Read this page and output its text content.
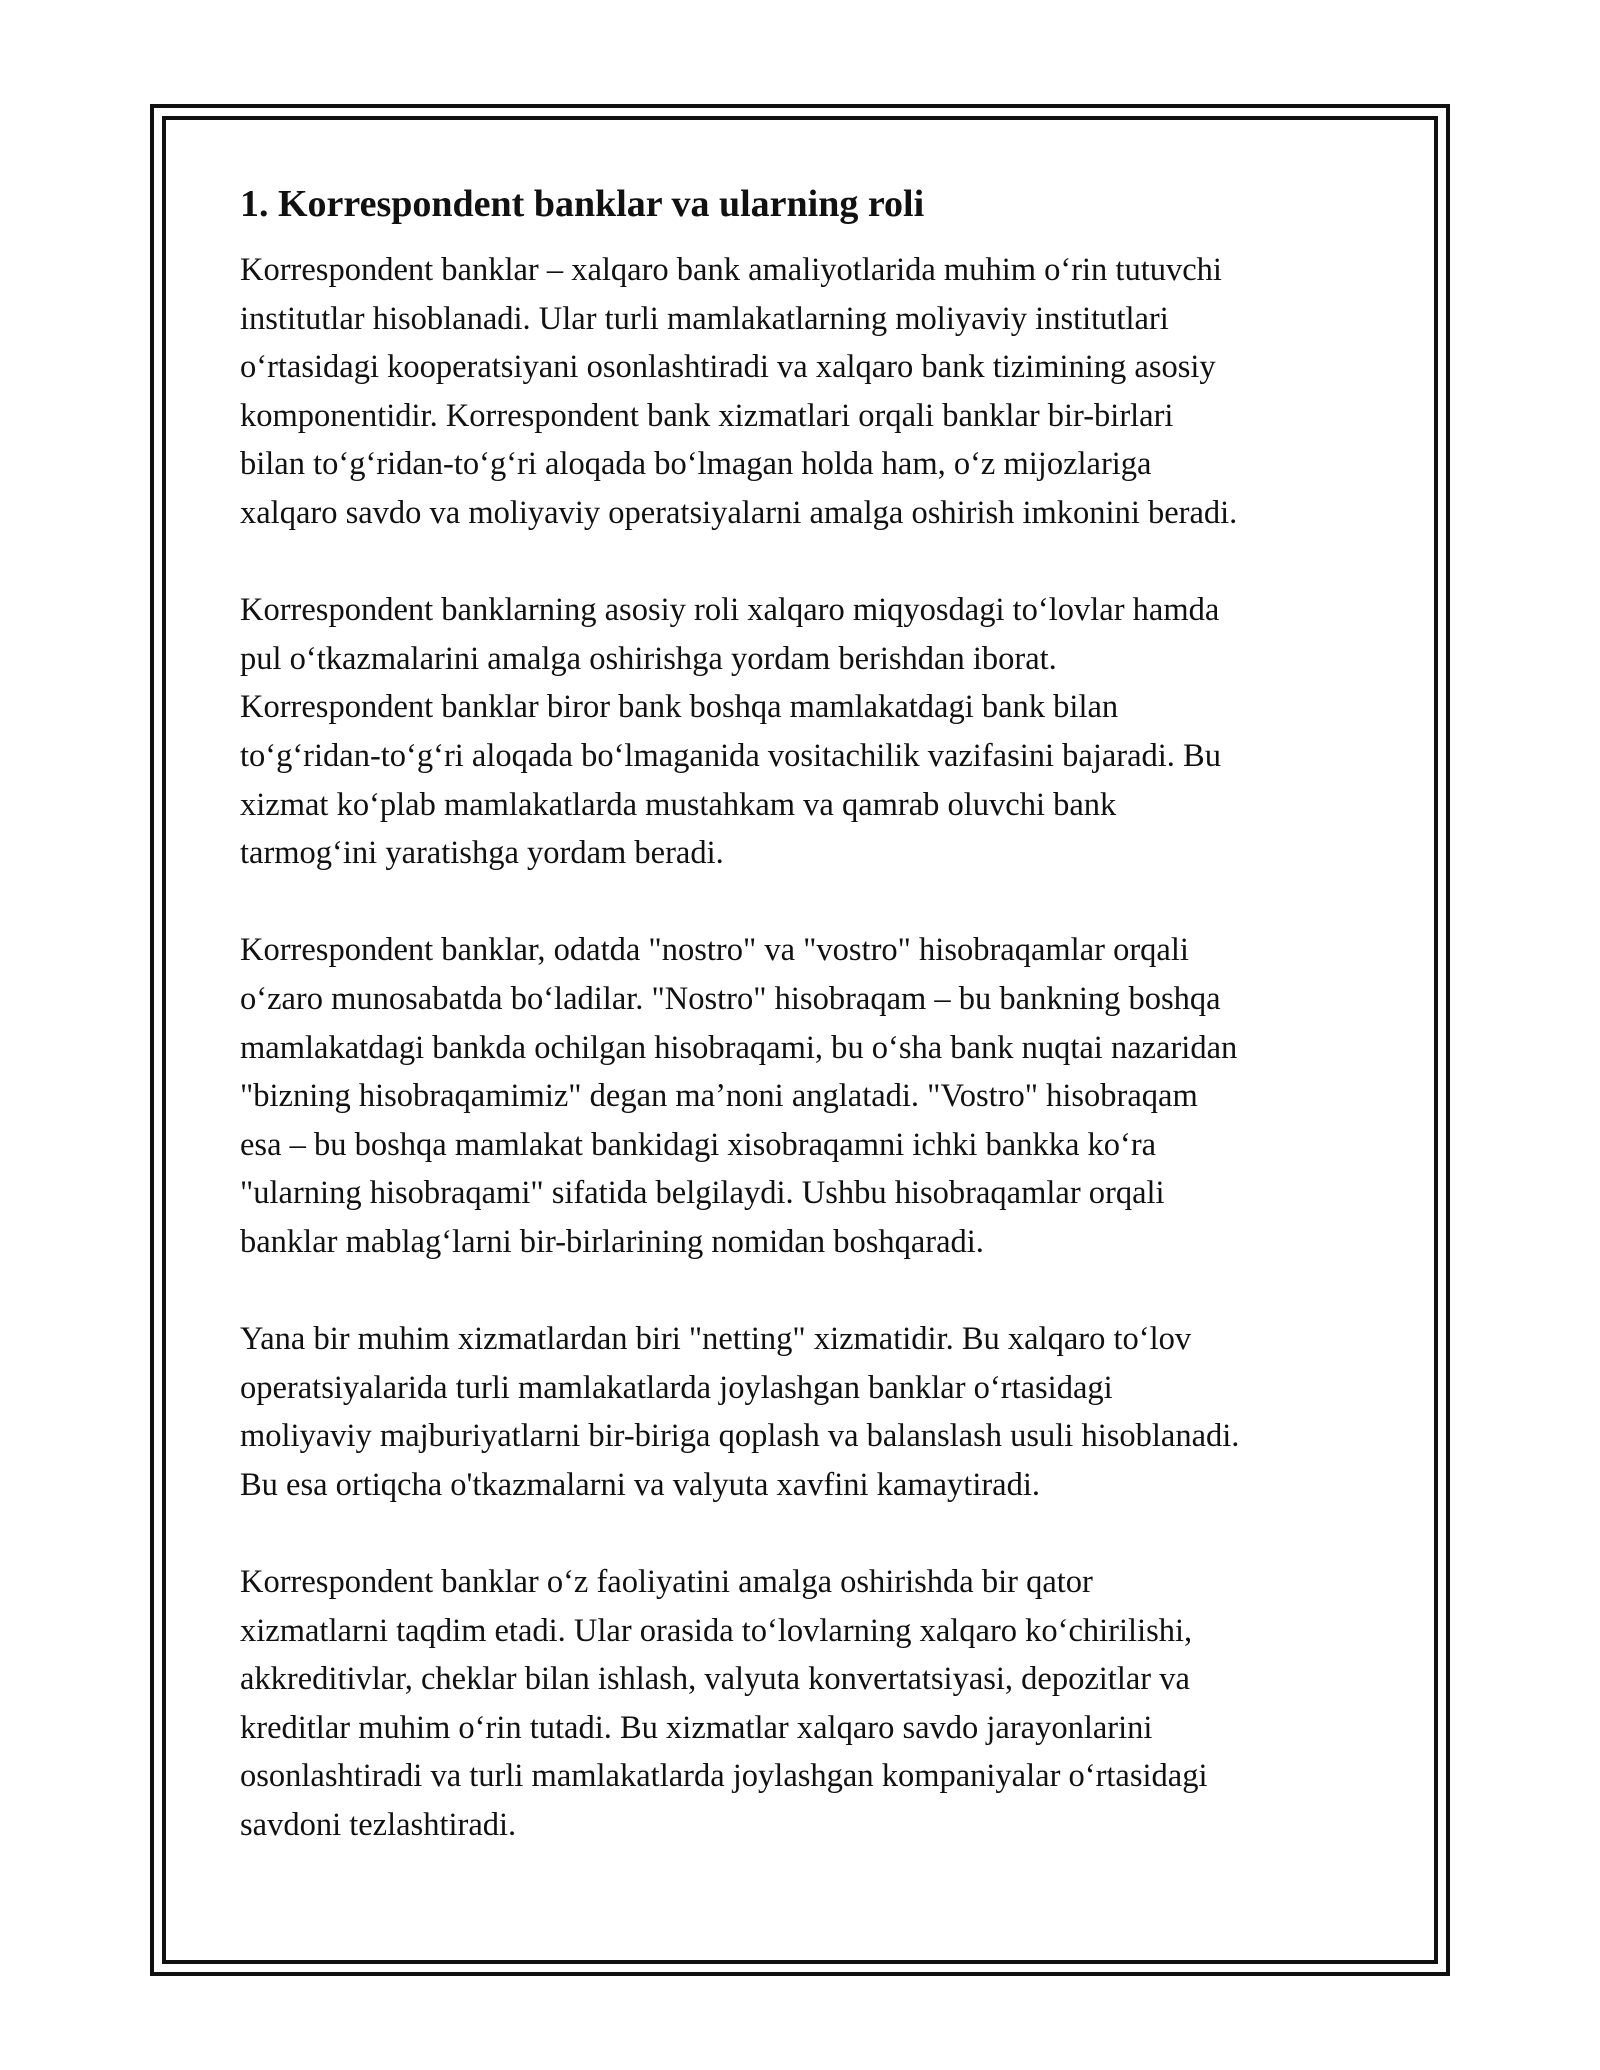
1. Korrespondent banklar va ularning roli

Korrespondent banklar – xalqaro bank amaliyotlarida muhim oʻrin tutuvchi
institutlar hisoblanadi. Ular turli mamlakatlarning moliyaviy institutlari
oʻrtasidagi kooperatsiyani osonlashtiradi va xalqaro bank tizimining asosiy
komponentidir. Korrespondent bank xizmatlari orqali banklar bir-birlari
bilan toʻgʻridan-toʻgʻri aloqada boʻlmagan holda ham, oʻz mijozlariga
xalqaro savdo va moliyaviy operatsiyalarni amalga oshirish imkonini beradi.

Korrespondent banklarning asosiy roli xalqaro miqyosdagi toʻlovlar hamda
pul oʻtkazmalarini amalga oshirishga yordam berishdan iborat.
Korrespondent banklar biror bank boshqa mamlakatdagi bank bilan
toʻgʻridan-toʻgʻri aloqada boʻlmaganida vositachilik vazifasini bajaradi. Bu
xizmat koʻplab mamlakatlarda mustahkam va qamrab oluvchi bank
tarmogʻini yaratishga yordam beradi.

Korrespondent banklar, odatda "nostro" va "vostro" hisobraqamlar orqali
oʻzaro munosabatda boʻladilar. "Nostro" hisobraqam – bu bankning boshqa
mamlakatdagi bankda ochilgan hisobraqami, bu oʻsha bank nuqtai nazaridan
"bizning hisobraqamimiz" degan maʼnoni anglatadi. "Vostro" hisobraqam
esa – bu boshqa mamlakat bankidagi xisobraqamni ichki bankka koʻra
"ularning hisobraqami" sifatida belgilaydi. Ushbu hisobraqamlar orqali
banklar mablagʻlarni bir-birlarining nomidan boshqaradi.

Yana bir muhim xizmatlardan biri "netting" xizmatidir. Bu xalqaro toʻlov
operatsiyalarida turli mamlakatlarda joylashgan banklar oʻrtasidagi
moliyaviy majburiyatlarni bir-biriga qoplash va balanslash usuli hisoblanadi.
Bu esa ortiqcha o'tkazmalarni va valyuta xavfini kamaytiradi.

Korrespondent banklar oʻz faoliyatini amalga oshirishda bir qator
xizmatlarni taqdim etadi. Ular orasida toʻlovlarning xalqaro koʻchirilishi,
akkreditivlar, cheklar bilan ishlash, valyuta konvertatsiyasi, depozitlar va
kreditlar muhim oʻrin tutadi. Bu xizmatlar xalqaro savdo jarayonlarini
osonlashtiradi va turli mamlakatlarda joylashgan kompaniyalar oʻrtasidagi
savdoni tezlashtiradi.
